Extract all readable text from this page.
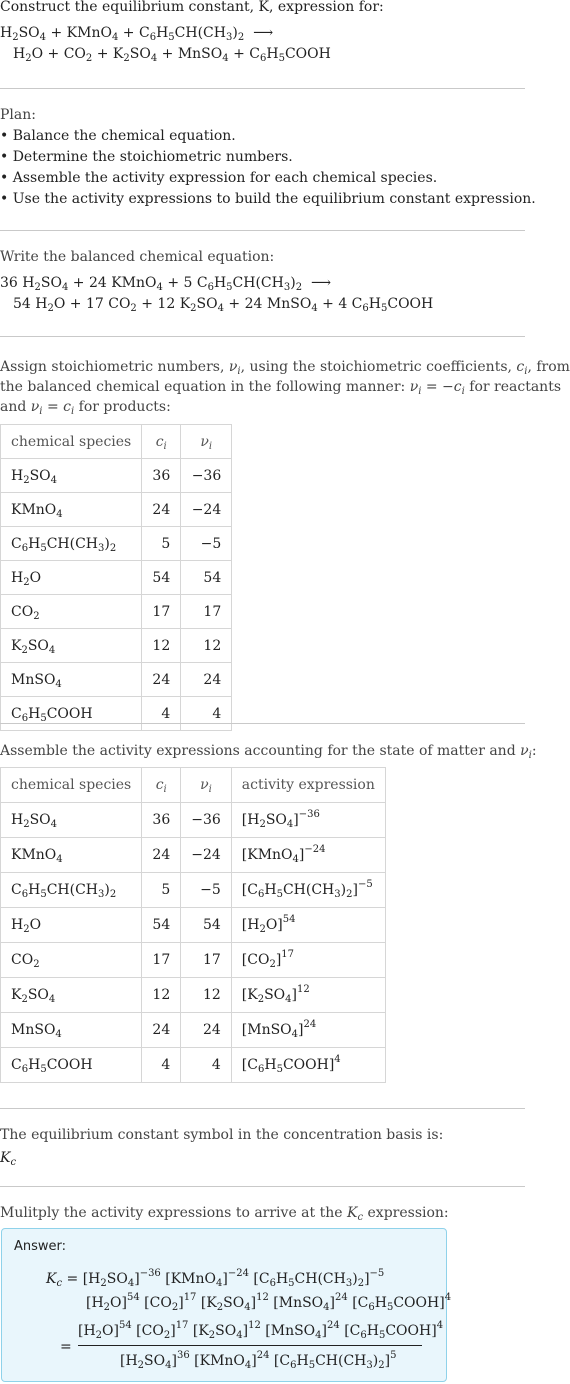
Construct the equilibrium constant, K, expression for:
$H_2SO_4$ + KMnO$_4$ + $C_6H_5CH(CH_3)_2$  ⟶
$H_2O + CO_2 + K_2SO_4$ + MnSO$_4$ + $C_6H_5COOH$
Plan:
• Balance the chemical equation.
• Determine the stoichiometric numbers.
• Assemble the activity expression for each chemical species.
• Use the activity expressions to build the equilibrium constant expression.
Write the balanced chemical equation:
36 $H_2SO_4 + 24$ KMnO$_4$ + 5 $C_6H_5CH(CH_3)_2$  ⟶
54 $H_2O + 17$ $CO_2 + 12$ $K_2SO_4 + 24$ MnSO$_4$ + 4 $C_6H_5COOH$
Assign stoichiometric numbers, $\nu_i$, using the stoichiometric coefficients, $c_i$, from
the balanced chemical equation in the following manner: $\nu_i = -c_i$ for reactants
and $\nu_i = c_i$ for products:
chemical species	$c_i$	$\nu_i$
$H_2SO_4$	36	−36
KMnO$_4$	24	−24
$C_6H_5CH(CH_3)_2$	5	−5
$H_2O$	54	54
$CO_2$	17	17
$K_2SO_4$	12	12
MnSO$_4$	24	24
$C_6H_5COOH$	4	4
Assemble the activity expressions accounting for the state of matter and $\nu_i$:
chemical species	$c_i$	$\nu_i$	activity expression
$H_2SO_4$	36	−36	$[H_2SO_4]^{-36}$
KMnO$_4$	24	−24	[KMnO$_4$]$^{-24}$
$C_6H_5CH(CH_3)_2$	5	−5	$[C_6H_5CH(CH_3)_2]^{-5}$
$H_2O$	54	54	$[H_2O]^{54}$
$CO_2$	17	17	$[CO_2]^{17}$
$K_2SO_4$	12	12	$[K_2SO_4]^{12}$
MnSO$_4$	24	24	[MnSO$_4$]$^{24}$
$C_6H_5COOH$	4	4	$[C_6H_5COOH]^4$
The equilibrium constant symbol in the concentration basis is:
$K_c$
Mulitply the activity expressions to arrive at the $K_c$ expression:
Answer:
$K_c = [H_2SO_4]^{-36}$ [KMnO$_4$]$^{-24}$ $[C_6H_5CH(CH_3)_2]^{-5}$
$[H_2O]^{54}$ $[CO_2]^{17}$ $[K_2SO_4]^{12}$ [MnSO$_4$]$^{24}$ $[C_6H_5COOH]^4$
=
$[H_2O]^{54}$ $[CO_2]^{17}$ $[K_2SO_4]^{12}$ [MnSO$_4$]$^{24}$ $[C_6H_5COOH]^4$
$[H_2SO_4]^{36}$ [KMnO$_4$]$^{24}$ $[C_6H_5CH(CH_3)_2]^5$
